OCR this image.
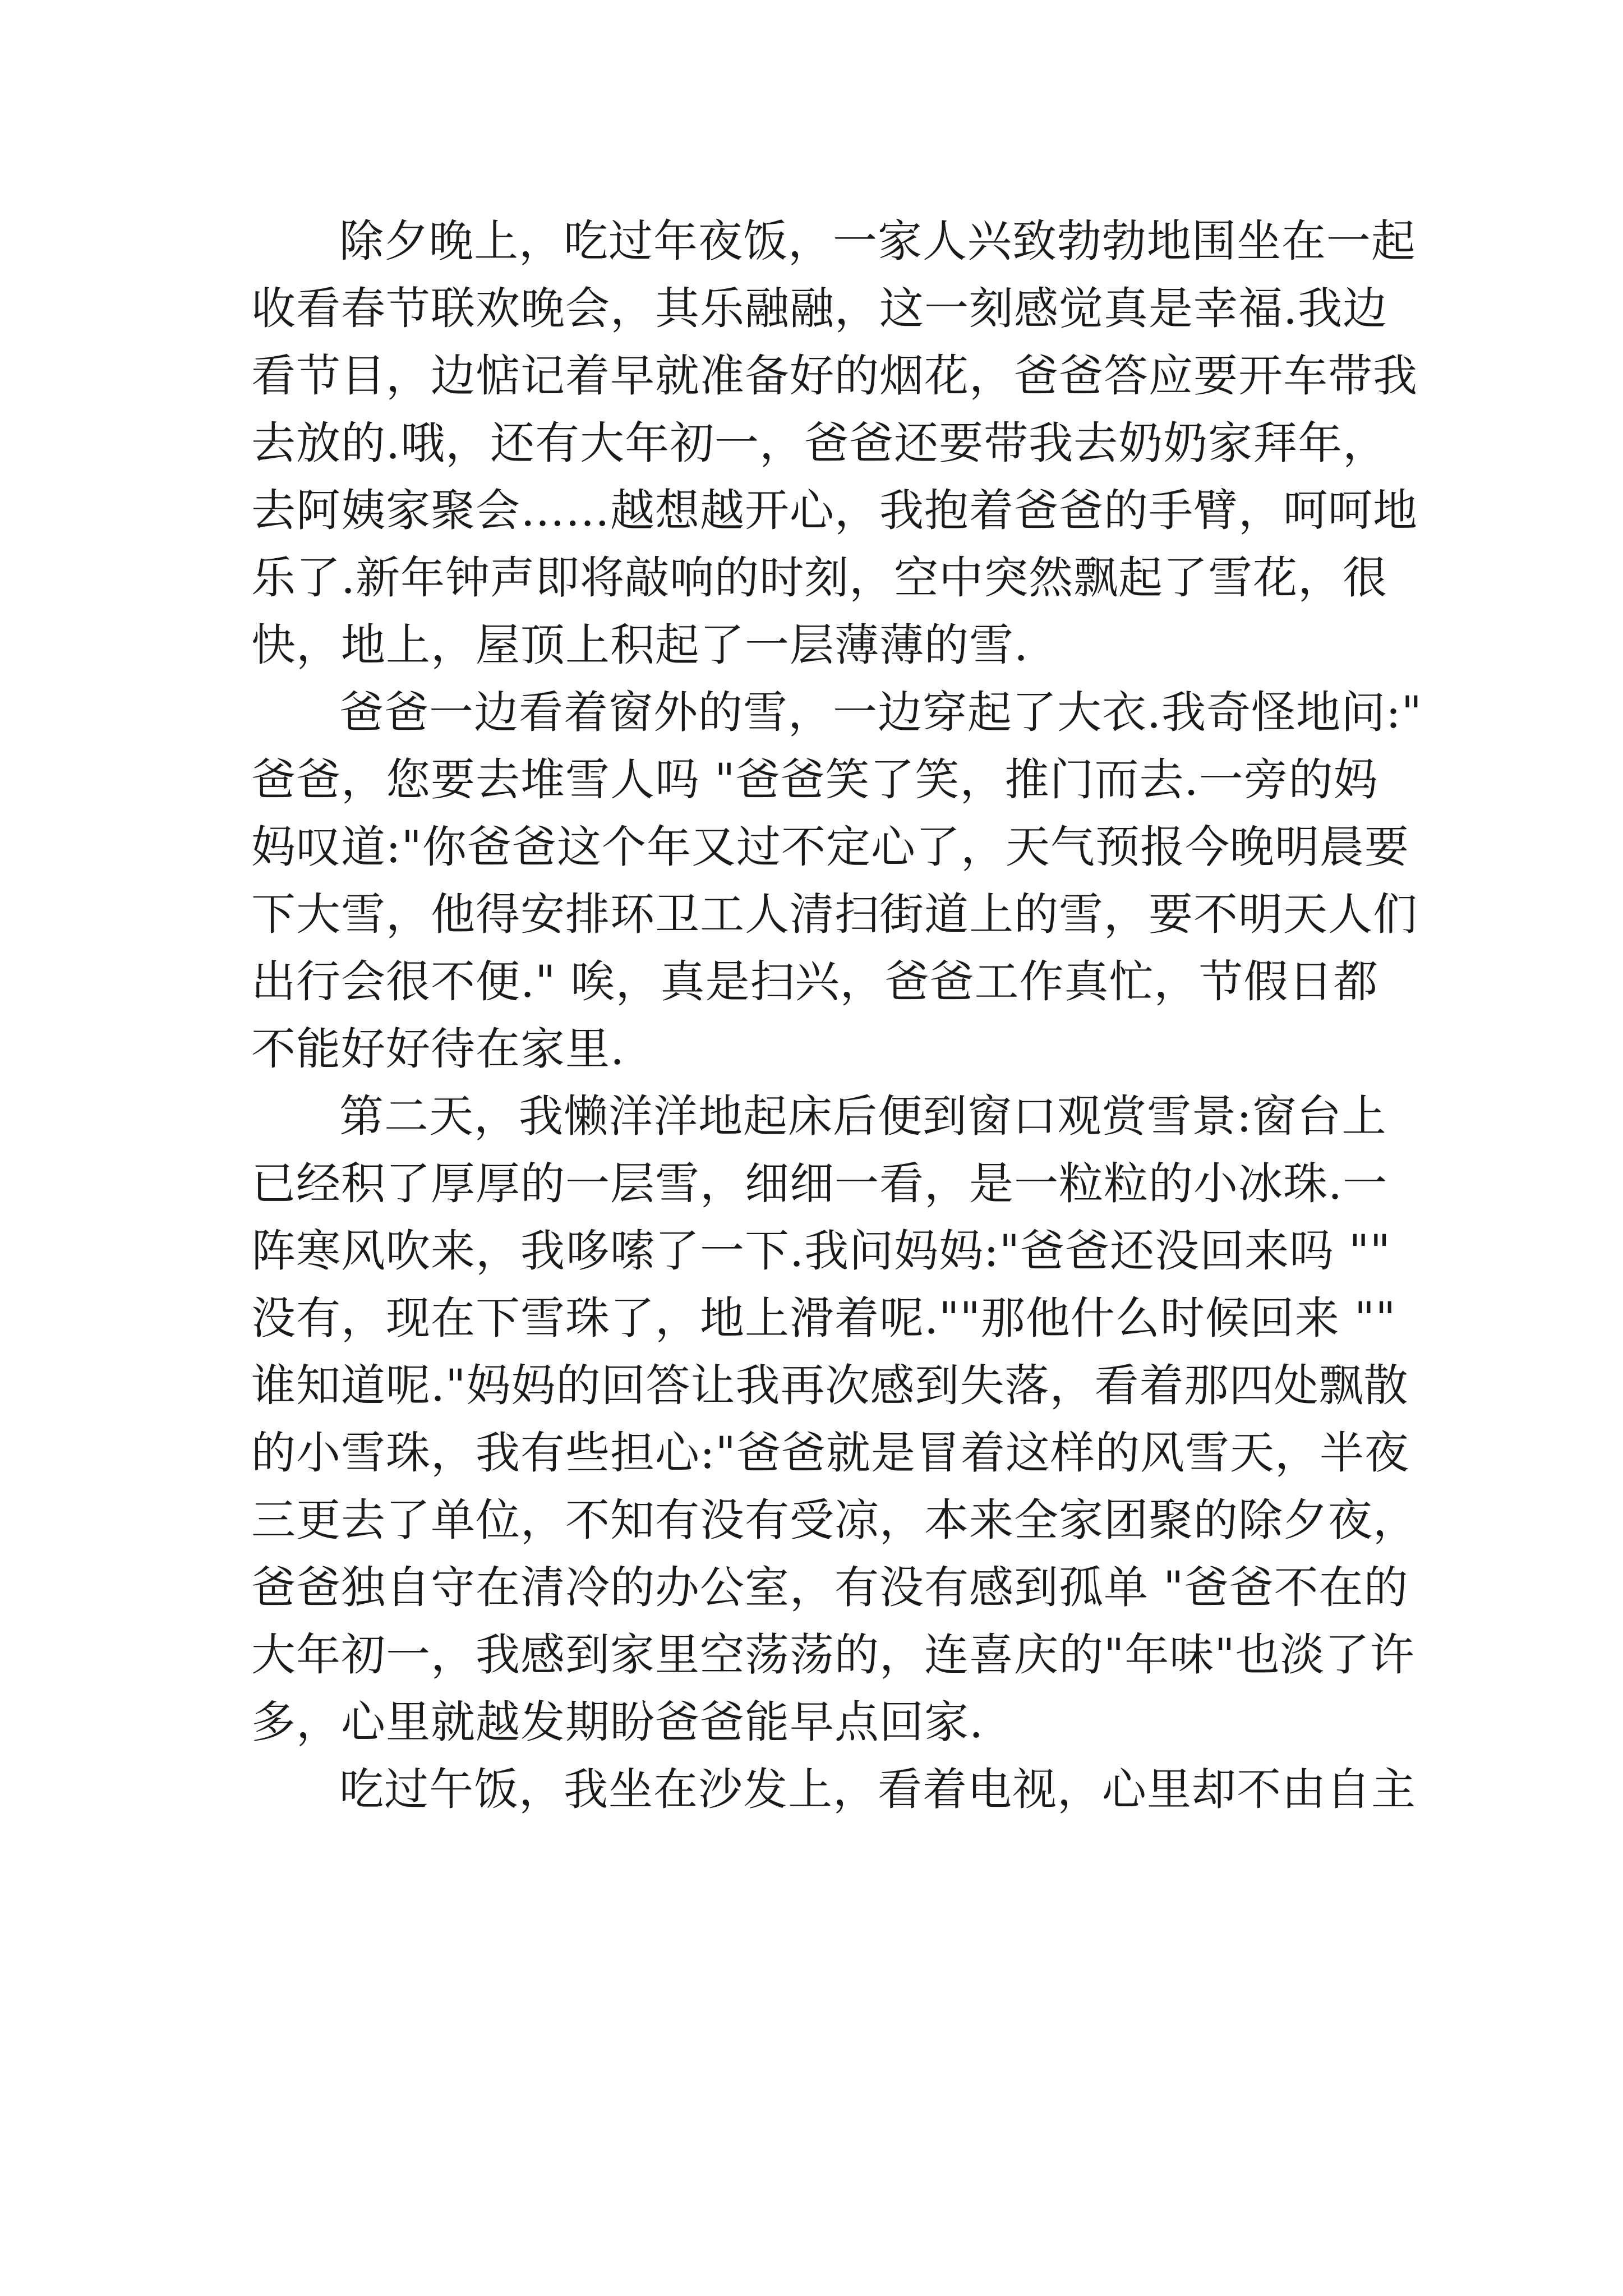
除夕晚上，吃过年夜饭，一家人兴致勃勃地围坐在一起
收看春节联欢晚会，其乐融融，这一刻感觉真是幸福.我边
看节目，边惦记着早就准备好的烟花，爸爸答应要开车带我
去放的.哦，还有大年初一，爸爸还要带我去奶奶家拜年，
去阿姨家聚会……越想越开心，我抱着爸爸的手臂，呵呵地
乐了.新年钟声即将敲响的时刻，空中突然飘起了雪花，很
快，地上，屋顶上积起了一层薄薄的雪.
爸爸一边看着窗外的雪，一边穿起了大衣.我奇怪地问:"
爸爸，您要去堆雪人吗 "爸爸笑了笑，推门而去.一旁的妈
妈叹道:"你爸爸这个年又过不定心了，天气预报今晚明晨要
下大雪，他得安排环卫工人清扫街道上的雪，要不明天人们
出行会很不便." 唉，真是扫兴，爸爸工作真忙，节假日都
不能好好待在家里.
第二天，我懒洋洋地起床后便到窗口观赏雪景:窗台上
已经积了厚厚的一层雪，细细一看，是一粒粒的小冰珠.一
阵寒风吹来，我哆嗦了一下.我问妈妈:"爸爸还没回来吗 ""
没有，现在下雪珠了，地上滑着呢.""那他什么时候回来 ""
谁知道呢."妈妈的回答让我再次感到失落，看着那四处飘散
的小雪珠，我有些担心:"爸爸就是冒着这样的风雪天，半夜
三更去了单位，不知有没有受凉，本来全家团聚的除夕夜，
爸爸独自守在清冷的办公室，有没有感到孤单 "爸爸不在的
大年初一，我感到家里空荡荡的，连喜庆的"年味"也淡了许
多，心里就越发期盼爸爸能早点回家.
吃过午饭，我坐在沙发上，看着电视，心里却不由自主
